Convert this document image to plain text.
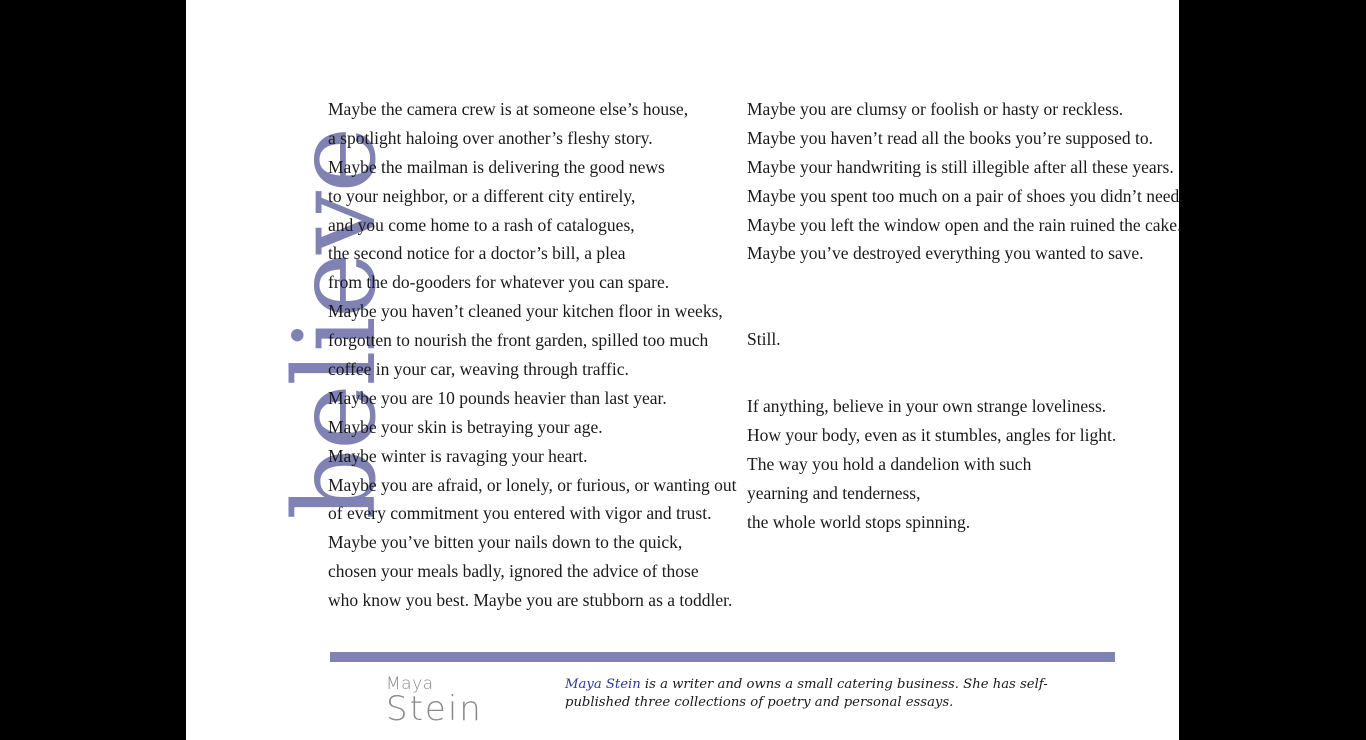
believe
Maybe the camera crew is at someone else’s house,
a spotlight haloing over another’s fleshy story.
Maybe the mailman is delivering the good news
to your neighbor, or a different city entirely,
and you come home to a rash of catalogues,
the second notice for a doctor’s bill, a plea
from the do-gooders for whatever you can spare.
Maybe you haven’t cleaned your kitchen floor in weeks,
forgotten to nourish the front garden, spilled too much
coffee in your car, weaving through traffic.
Maybe you are 10 pounds heavier than last year.
Maybe your skin is betraying your age.
Maybe winter is ravaging your heart.
Maybe you are afraid, or lonely, or furious, or wanting out
of every commitment you entered with vigor and trust.
Maybe you’ve bitten your nails down to the quick,
chosen your meals badly, ignored the advice of those
who know you best. Maybe you are stubborn as a toddler.
Maybe you are clumsy or foolish or hasty or reckless.
Maybe you haven’t read all the books you’re supposed to.
Maybe your handwriting is still illegible after all these years.
Maybe you spent too much on a pair of shoes you didn’t need.
Maybe you left the window open and the rain ruined the cake.
Maybe you’ve destroyed everything you wanted to save.
Still.
If anything, believe in your own strange loveliness.
How your body, even as it stumbles, angles for light.
The way you hold a dandelion with such
yearning and tenderness,
the whole world stops spinning.
Maya
Stein
Maya Stein is a writer and owns a small catering business. She has self-published three collections of poetry and personal essays.
